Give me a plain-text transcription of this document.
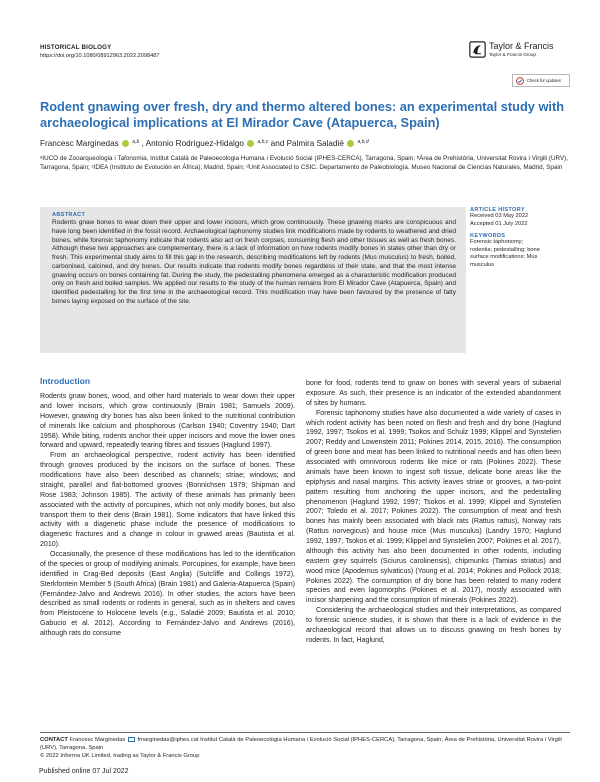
HISTORICAL BIOLOGY
https://doi.org/10.1080/08912963.2022.2098487
Taylor & Francis
Taylor & Francis Group
Check for updates
Rodent gnawing over fresh, dry and thermo altered bones: an experimental study with archaeological implications at El Mirador Cave (Atapuerca, Spain)
Francesc Marginedas	$^{a,b}$ , Antonio Rodríguez-Hidalgo	$^{a,b,c}$ and Palmira Saladié	$^{a,b,d}$
ᵃIUCO de Zooarqueologia i Tafonomia, Institut Català de Paleoecologia Humana i Evolució Social (IPHES-CERCA), Tarragona, Spain; ᵇÀrea de Prehistòria, Universitat Rovira i Virgili (URV), Tarragona, Spain; ᶜIDEA (Instituto de Evolución en África), Madrid, Spain; ᵈUnit Associated to CSIC. Departamento de Paleobiología. Museo Nacional de Ciencias Naturales, Madrid, Spain
ABSTRACT
Rodents gnaw bones to wear down their upper and lower incisors, which grow continuously. These gnawing marks are conspicuous and have long been identified in the fossil record. Archaeological taphonomy studies link modifications made by rodents to weathered and dried bones, while forensic taphonomy indicate that rodents also act on fresh corpses, consuming flesh and other tissues as well as fresh bones. Although these two approaches are complementary, there is a lack of information on how rodents modify bones in states other than dry or fresh. This experimental study aims to fill this gap in the research, describing modifications left by rodents (Mus musculus) to fresh, boiled, carbonised, calcined, and dry bones. Our results indicate that rodents modify bones regardless of their state, and that the most intense gnawing occurs on bones containing fat. During the study, the pedestalling phenomena emerged as a characteristic modification produced only on fresh and boiled samples. We applied our results to the study of the human remains from El Mirador Cave (Atapuerca, Spain) and identified pedestalling for the first time in the archaeological record. This modification may have been favoured by the presence of fatty bones laying exposed on the surface of the site.
ARTICLE HISTORY
Received 03 May 2022
Accepted 01 July 2022
KEYWORDS
Forensic taphonomy;
rodentia; pedestalling; bone
surface modifications; Mus
musculus
Introduction

Rodents gnaw bones, wood, and other hard materials to wear down their upper and lower incisors, which grow continuously (Brain 1981; Samuels 2009). However, gnawing dry bones has also been linked to the nutritional contribution of minerals like calcium and phosphorous (Carlson 1940; Coventry 1940; Dart 1958). While biting, rodents anchor their upper incisors and move the lower ones forward and upward, repeatedly tearing fibres and tissues (Haglund 1997).

From an archaeological perspective, rodent activity has been identified through grooves produced by the incisors on the surface of bones. These modifications have also been described as channels; striae; windows; and straight, parallel and flat-bottomed grooves (Bonnichsen 1979; Shipman and Rose 1983; Johnson 1985). The activity of these animals has primarily been associated with the activity of porcupines, which not only modify bones, but also transport them to their dens (Brain 1981). Some indicators that have linked this activity with a diagenetic phase include the presence of modifications to diagenetic fractures and a change in colour in gnawed areas (Bautista et al. 2010).

Occasionally, the presence of these modifications has led to the identification of the species or group of modifying animals. Porcupines, for example, have been identified in Crag-Bed deposits (East Anglia) (Sutcliffe and Collings 1972), Sterkfontein Member 5 (South Africa) (Brain 1981) and Galeria-Atapuerca (Spain) (Fernández-Jalvo and Andrews 2016). In other studies, the actors have been described as small rodents or rodents in general, such as in shelters and caves from Pleistocene to Holocene levels (e.g., Saladié 2009; Bautista et al. 2010; Gabucio et al. 2012). According to Fernández-Jalvo and Andrews (2016), although rats do consume

bone for food, rodents tend to gnaw on bones with several years of subaerial exposure. As such, their presence is an indicator of the extended abandonment of sites by humans.

Forensic taphonomy studies have also documented a wide variety of cases in which rodent activity has been noted on flesh and fresh and dry bone (Haglund 1992, 1997; Tsokos et al. 1999; Tsokos and Schulz 1999; Klippel and Synstelien 2007; Reddy and Lowenstein 2011; Pokines 2014, 2015, 2016). The consumption of green bone and meat has been linked to nutritional needs and has often been associated with omnivorous rodents like mice or rats (Pokines 2022). These animals have been known to ingest soft tissue, delicate bone areas like the epiphysis and nasal margins. This activity leaves striae or grooves, a two-point pattern resulting from anchoring the upper incisors, and the pedestalling phenomenon (Haglund 1992, 1997; Tsokos et al. 1999; Klippel and Synstelien 2007; Toledo et al. 2017; Pokines 2022). The consumption of meat and fresh bones has mainly been associated with black rats (Rattus rattus), Norway rats (Rattus norvegicus) and house mice (Mus musculus) (Landry 1970; Haglund 1992, 1997; Tsokos et al. 1999; Klippel and Synstelien 2007; Pokines et al. 2017), although this activity has also been documented in other rodents, including eastern grey squirrels (Sciurus carolinensis), chipmunks (Tamias striatus) and wood mice (Apodemus sylvaticus) (Young et al. 2014; Pokines and Pollock 2018; Pokines 2022). The consumption of dry bone has been related to many rodent species and even lagomorphs (Pokines et al. 2017), mostly associated with incisor sharpening and the consumption of minerals (Pokines 2022).

Considering the archaeological studies and their interpretations, as compared to forensic science studies, it is shown that there is a lack of evidence in the archaeological record that allows us to discuss gnawing on fresh bones by rodents. In fact, Haglund,

CONTACT Francesc Marginedas fmarginedas@iphes.cat Institut Català de Paleoecologia Humana i Evolució Social (IPHES-CERCA), Tarragona, Spain; Àrea de Prehistòria, Universitat Rovira i Virgili (URV), Tarragona, Spain
© 2022 Informa UK Limited, trading as Taylor & Francis Group
Published online 07 Jul 2022
